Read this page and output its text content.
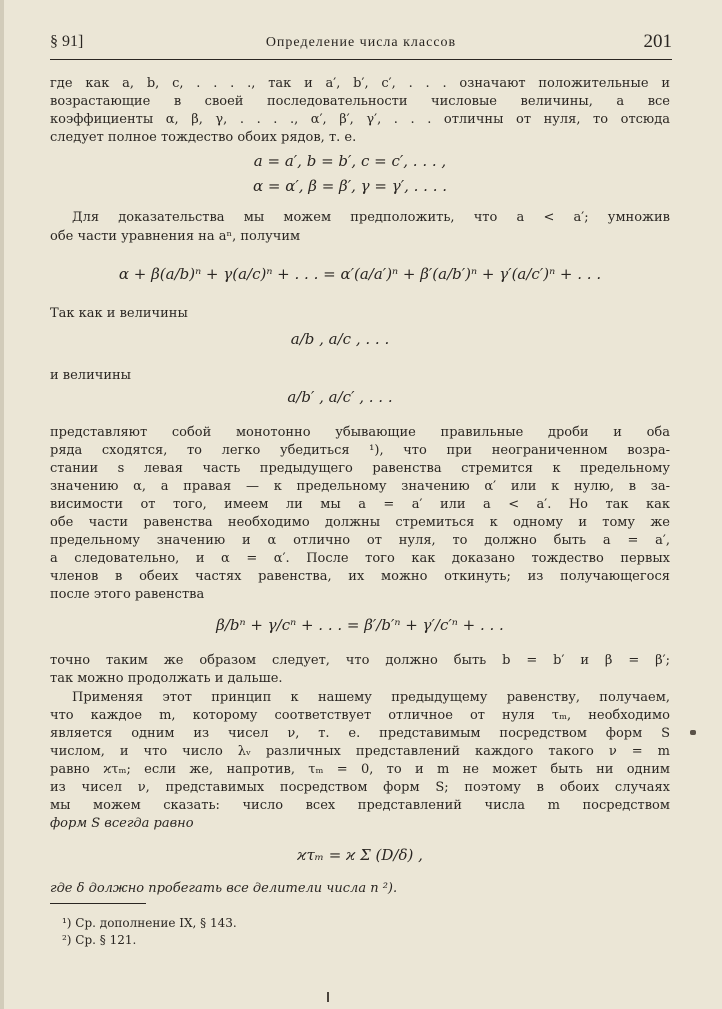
§ 91]	Определение числа классов	201
где как a, b, c, . . . ., так и a′, b′, c′, . . . означают положительные и
возрастающие в своей последовательности числовые величины, а все
коэффициенты α, β, γ, . . . ., α′, β′, γ′, . . . отличны от нуля, то отсюда
следует полное тождество обоих рядов, т. е.
a = a′, b = b′, c = c′, . . . ,
α = α′, β = β′, γ = γ′, . . . .
Для доказательства мы можем предположить, что a < a′; умножив
обе части уравнения на aⁿ, получим
α + β(a/b)ⁿ + γ(a/c)ⁿ + . . . = α′(a/a′)ⁿ + β′(a/b′)ⁿ + γ′(a/c′)ⁿ + . . .
Так как и величины
a/b , a/c , . . .
и величины
a/b′ , a/c′ , . . .
представляют собой монотонно убывающие правильные дроби и оба
ряда сходятся, то легко убедиться ¹), что при неограниченном возра-
стании s левая часть предыдущего равенства стремится к предельному
значению α, а правая — к предельному значению α′ или к нулю, в за-
висимости от того, имеем ли мы a = a′ или a < a′. Но так как
обе части равенства необходимо должны стремиться к одному и тому же
предельному значению и α отлично от нуля, то должно быть a = a′,
а следовательно, и α = α′. После того как доказано тождество первых
членов в обеих частях равенства, их можно откинуть; из получающегося
после этого равенства
β/bⁿ + γ/cⁿ + . . . = β′/b′ⁿ + γ′/c′ⁿ + . . .
точно таким же образом следует, что должно быть b = b′ и β = β′;
так можно продолжать и дальше.
Применяя этот принцип к нашему предыдущему равенству, получаем,
что каждое m, которому соответствует отличное от нуля τₘ, необходимо
является одним из чисел ν, т. е. представимым посредством форм S
числом, и что число λᵥ различных представлений каждого такого ν = m
равно ϰτₘ; если же, напротив, τₘ = 0, то и m не может быть ни одним
из чисел ν, представимых посредством форм S; поэтому в обоих случаях
мы можем сказать: число всех представлений числа m посредством
форм S всегда равно
ϰτₘ = ϰ Σ (D/δ) ,
где δ должно пробегать все делители числа n ²).
¹) Ср. дополнение IX, § 143.
²) Ср. § 121.
